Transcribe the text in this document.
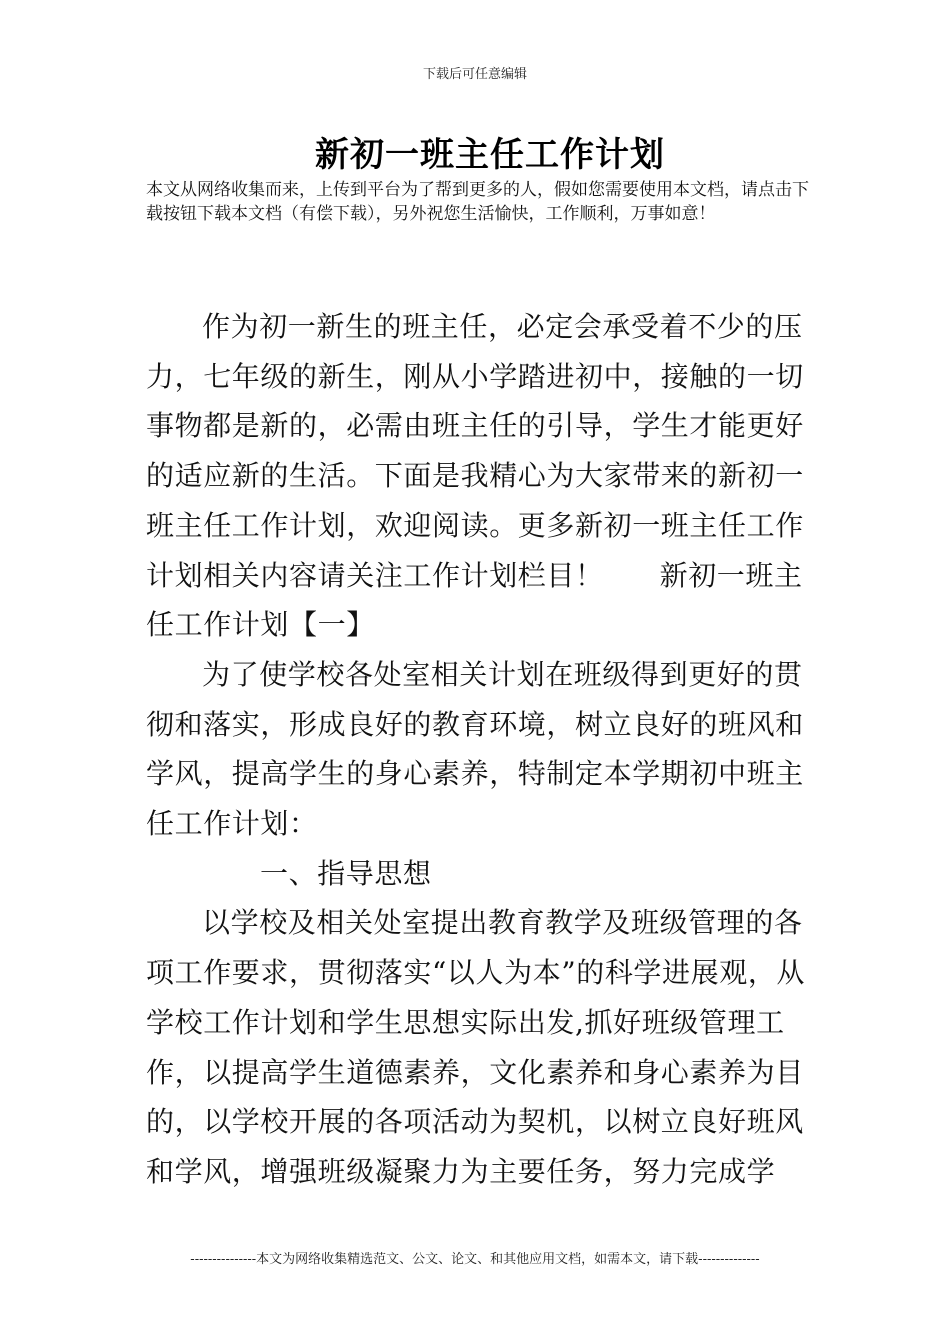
下载后可任意编辑
新初一班主任工作计划
本文从网络收集而来，上传到平台为了帮到更多的人，假如您需要使用本文档，请点击下载按钮下载本文档（有偿下载），另外祝您生活愉快，工作顺利，万事如意！

作为初一新生的班主任，必定会承受着不少的压力，七年级的新生，刚从小学踏进初中，接触的一切事物都是新的，必需由班主任的引导，学生才能更好的适应新的生活。下面是我精心为大家带来的新初一班主任工作计划，欢迎阅读。更多新初一班主任工作计划相关内容请关注工作计划栏目！ 新初一班主任工作计划【一】

为了使学校各处室相关计划在班级得到更好的贯彻和落实，形成良好的教育环境，树立良好的班风和学风，提高学生的身心素养，特制定本学期初中班主任工作计划：

一、指导思想

以学校及相关处室提出教育教学及班级管理的各项工作要求，贯彻落实“以人为本”的科学进展观，从学校工作计划和学生思想实际出发,抓好班级管理工作，以提高学生道德素养，文化素养和身心素养为目的，以学校开展的各项活动为契机，以树立良好班风和学风，增强班级凝聚力为主要任务，努力完成学

---------------本文为网络收集精选范文、公文、论文、和其他应用文档，如需本文，请下载--------------
